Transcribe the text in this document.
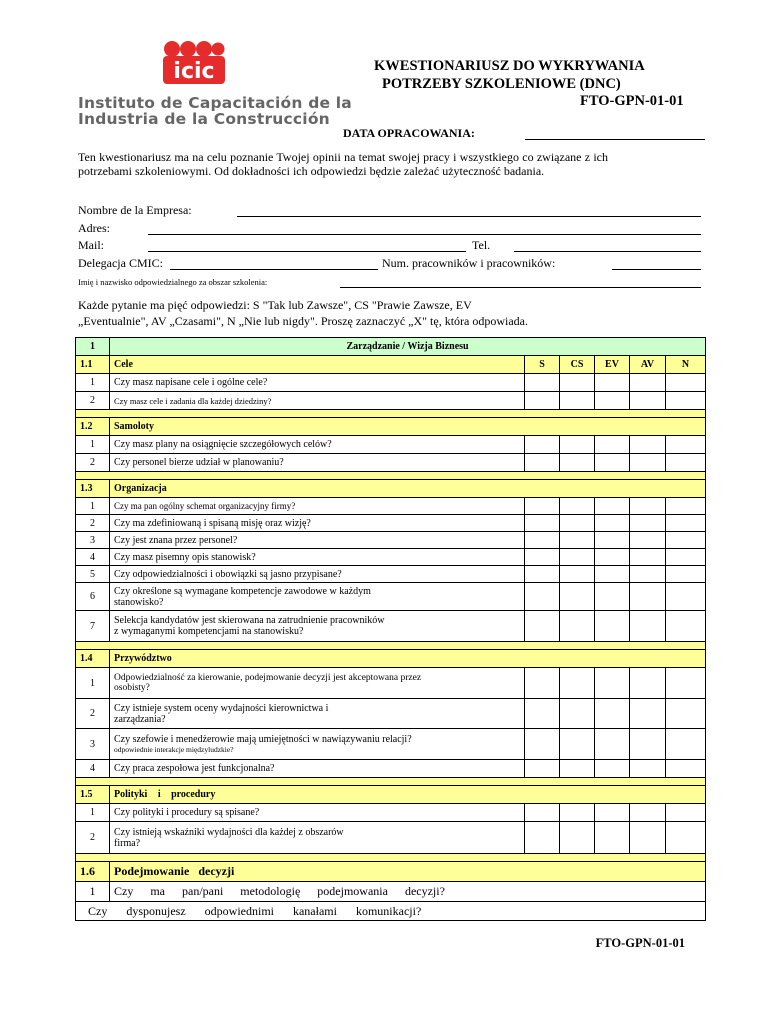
icic
Instituto de Capacitación de la
Industria de la Construcción
KWESTIONARIUSZ DO WYKRYWANIA
POTRZEBY SZKOLENIOWE (DNC)
FTO-GPN-01-01
DATA OPRACOWANIA:
Ten kwestionariusz ma na celu poznanie Twojej opinii na temat swojej pracy i wszystkiego co związane z ich potrzebami szkoleniowymi. Od dokładności ich odpowiedzi będzie zależać użyteczność badania.
Nombre de la Empresa:
Adres:
Mail:	Tel.
Delegacja CMIC:	Num. pracowników i pracowników:
Imię i nazwisko odpowiedzialnego za obszar szkolenia:
Każde pytanie ma pięć odpowiedzi: S "Tak lub Zawsze", CS "Prawie Zawsze, EV
„Eventualnie", AV „Czasami", N „Nie lub nigdy". Proszę zaznaczyć „X" tę, która odpowiada.
1	Zarządzanie / Wizja Biznesu					
1.1	Cele	S	CS	EV	AV	N
1	Czy masz napisane cele i ogólne cele?					
2	Czy masz cele i zadania dla każdej dziedziny?					

1.2	Samoloty					
1	Czy masz plany na osiągnięcie szczegółowych celów?					
2	Czy personel bierze udział w planowaniu?					

1.3	Organizacja					
1	Czy ma pan ogólny schemat organizacyjny firmy?					
2	Czy ma zdefiniowaną i spisaną misję oraz wizję?					
3	Czy jest znana przez personel?					
4	Czy masz pisemny opis stanowisk?					
5	Czy odpowiedzialności i obowiązki są jasno przypisane?					
6	Czy określone są wymagane kompetencje zawodowe w każdym
stanowisko?					

7	Selekcja kandydatów jest skierowana na zatrudnienie pracowników
z wymaganymi kompetencjami na stanowisku?					

1.4	Przywództwo					
1	Odpowiedzialność za kierowanie, podejmowanie decyzji jest akceptowana przez
osobisty?					

2	Czy istnieje system oceny wydajności kierownictwa i
zarządzania?					

3	Czy szefowie i menedżerowie mają umiejętności w nawiązywaniu relacji?
odpowiednie interakcje międzyludzkie?					

4	Czy praca zespołowa jest funkcjonalna?					

1.5	Polityki i procedury					
1	Czy polityki i procedury są spisane?					
2	Czy istnieją wskaźniki wydajności dla każdej z obszarów
firma?					

1.6	Podejmowanie decyzji					
1	Czy ma pan/pani metodologię podejmowania decyzji?					
Czy dysponujesz odpowiednimi kanałami komunikacji?						
FTO-GPN-01-01
